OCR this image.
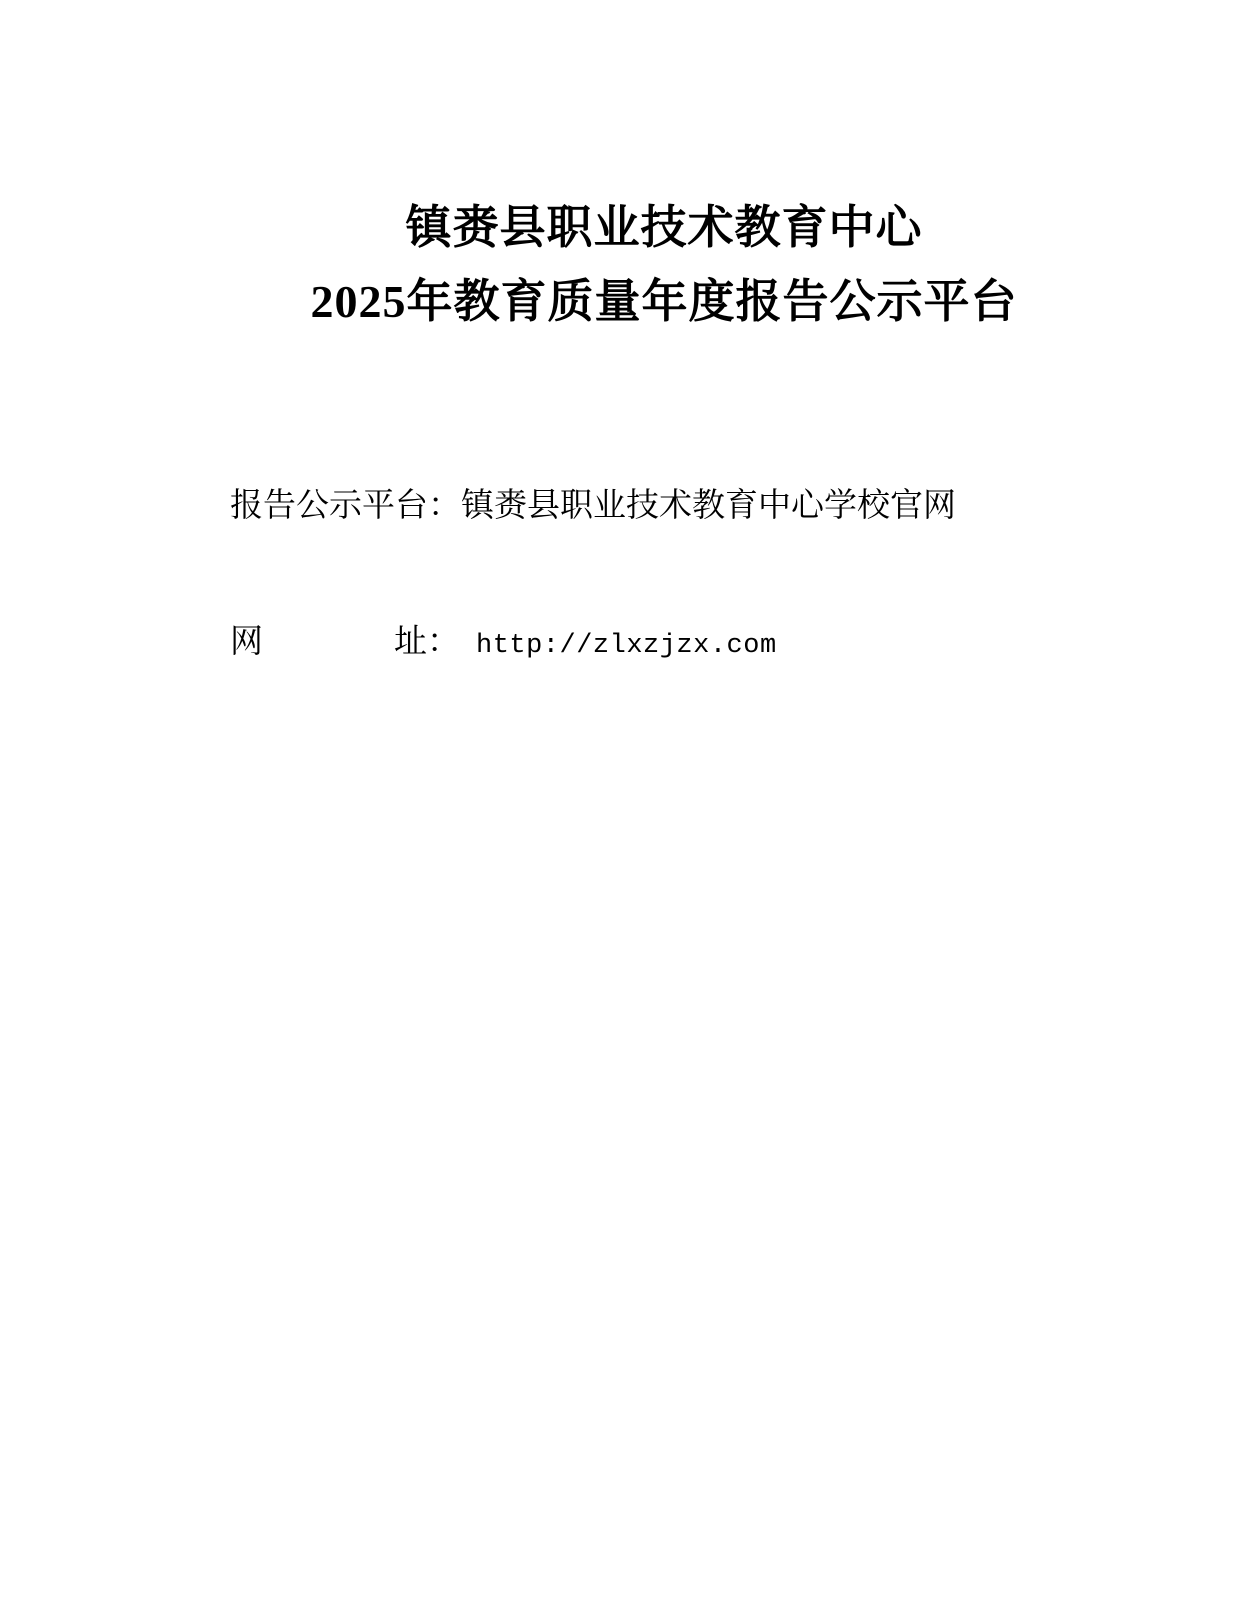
镇赉县职业技术教育中心
2025年教育质量年度报告公示平台
报告公示平台：镇赉县职业技术教育中心学校官网
网	址： http://zlxzjzx.com
